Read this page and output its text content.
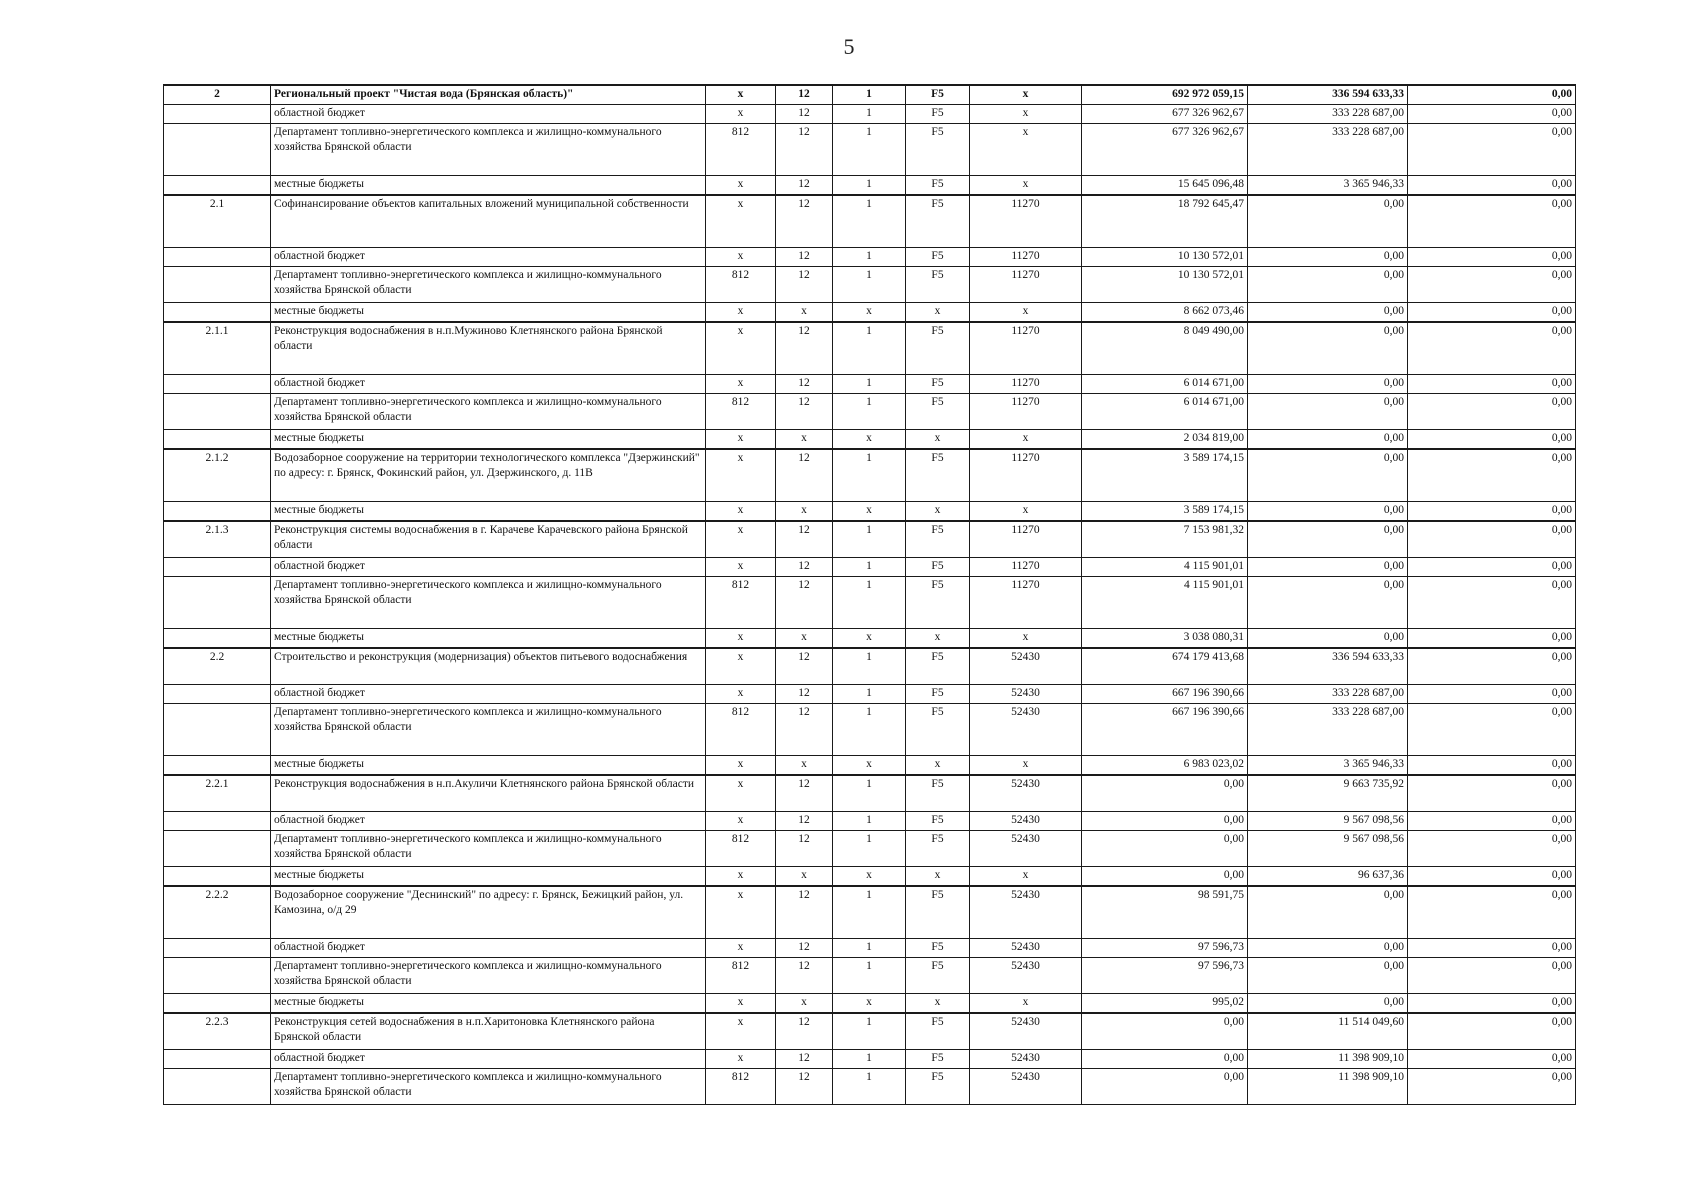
5
2	Региональный проект "Чистая вода (Брянская область)"	x	12	1	F5	x	692 972 059,15	336 594 633,33	0,00
	областной бюджет	x	12	1	F5	x	677 326 962,67	333 228 687,00	0,00
	Департамент топливно-энергетического комплекса и жилищно-коммунального хозяйства Брянской области	812	12	1	F5	x	677 326 962,67	333 228 687,00	0,00
	местные бюджеты	x	12	1	F5	x	15 645 096,48	3 365 946,33	0,00
2.1	Софинансирование объектов капитальных вложений муниципальной собственности	x	12	1	F5	11270	18 792 645,47	0,00	0,00
	областной бюджет	x	12	1	F5	11270	10 130 572,01	0,00	0,00
	Департамент топливно-энергетического комплекса и жилищно-коммунального хозяйства Брянской области	812	12	1	F5	11270	10 130 572,01	0,00	0,00
	местные бюджеты	x	x	x	x	x	8 662 073,46	0,00	0,00
2.1.1	Реконструкция водоснабжения в н.п.Мужиново Клетнянского района Брянской области	x	12	1	F5	11270	8 049 490,00	0,00	0,00
	областной бюджет	x	12	1	F5	11270	6 014 671,00	0,00	0,00
	Департамент топливно-энергетического комплекса и жилищно-коммунального хозяйства Брянской области	812	12	1	F5	11270	6 014 671,00	0,00	0,00
	местные бюджеты	x	x	x	x	x	2 034 819,00	0,00	0,00
2.1.2	Водозаборное сооружение на территории технологического комплекса "Дзержинский" по адресу: г. Брянск, Фокинский район, ул. Дзержинского, д. 11В	x	12	1	F5	11270	3 589 174,15	0,00	0,00
	местные бюджеты	x	x	x	x	x	3 589 174,15	0,00	0,00
2.1.3	Реконструкция системы водоснабжения в г. Карачеве Карачевского района Брянской области	x	12	1	F5	11270	7 153 981,32	0,00	0,00
	областной бюджет	x	12	1	F5	11270	4 115 901,01	0,00	0,00
	Департамент топливно-энергетического комплекса и жилищно-коммунального хозяйства Брянской области	812	12	1	F5	11270	4 115 901,01	0,00	0,00
	местные бюджеты	x	x	x	x	x	3 038 080,31	0,00	0,00
2.2	Строительство и реконструкция (модернизация) объектов питьевого водоснабжения	x	12	1	F5	52430	674 179 413,68	336 594 633,33	0,00
	областной бюджет	x	12	1	F5	52430	667 196 390,66	333 228 687,00	0,00
	Департамент топливно-энергетического комплекса и жилищно-коммунального хозяйства Брянской области	812	12	1	F5	52430	667 196 390,66	333 228 687,00	0,00
	местные бюджеты	x	x	x	x	x	6 983 023,02	3 365 946,33	0,00
2.2.1	Реконструкция водоснабжения в н.п.Акуличи Клетнянского района Брянской области	x	12	1	F5	52430	0,00	9 663 735,92	0,00
	областной бюджет	x	12	1	F5	52430	0,00	9 567 098,56	0,00
	Департамент топливно-энергетического комплекса и жилищно-коммунального хозяйства Брянской области	812	12	1	F5	52430	0,00	9 567 098,56	0,00
	местные бюджеты	x	x	x	x	x	0,00	96 637,36	0,00
2.2.2	Водозаборное сооружение "Деснинский" по адресу: г. Брянск, Бежицкий район, ул. Камозина, о/д 29	x	12	1	F5	52430	98 591,75	0,00	0,00
	областной бюджет	x	12	1	F5	52430	97 596,73	0,00	0,00
	Департамент топливно-энергетического комплекса и жилищно-коммунального хозяйства Брянской области	812	12	1	F5	52430	97 596,73	0,00	0,00
	местные бюджеты	x	x	x	x	x	995,02	0,00	0,00
2.2.3	Реконструкция сетей водоснабжения в н.п.Харитоновка Клетнянского района Брянской области	x	12	1	F5	52430	0,00	11 514 049,60	0,00
	областной бюджет	x	12	1	F5	52430	0,00	11 398 909,10	0,00
	Департамент топливно-энергетического комплекса и жилищно-коммунального хозяйства Брянской области	812	12	1	F5	52430	0,00	11 398 909,10	0,00
